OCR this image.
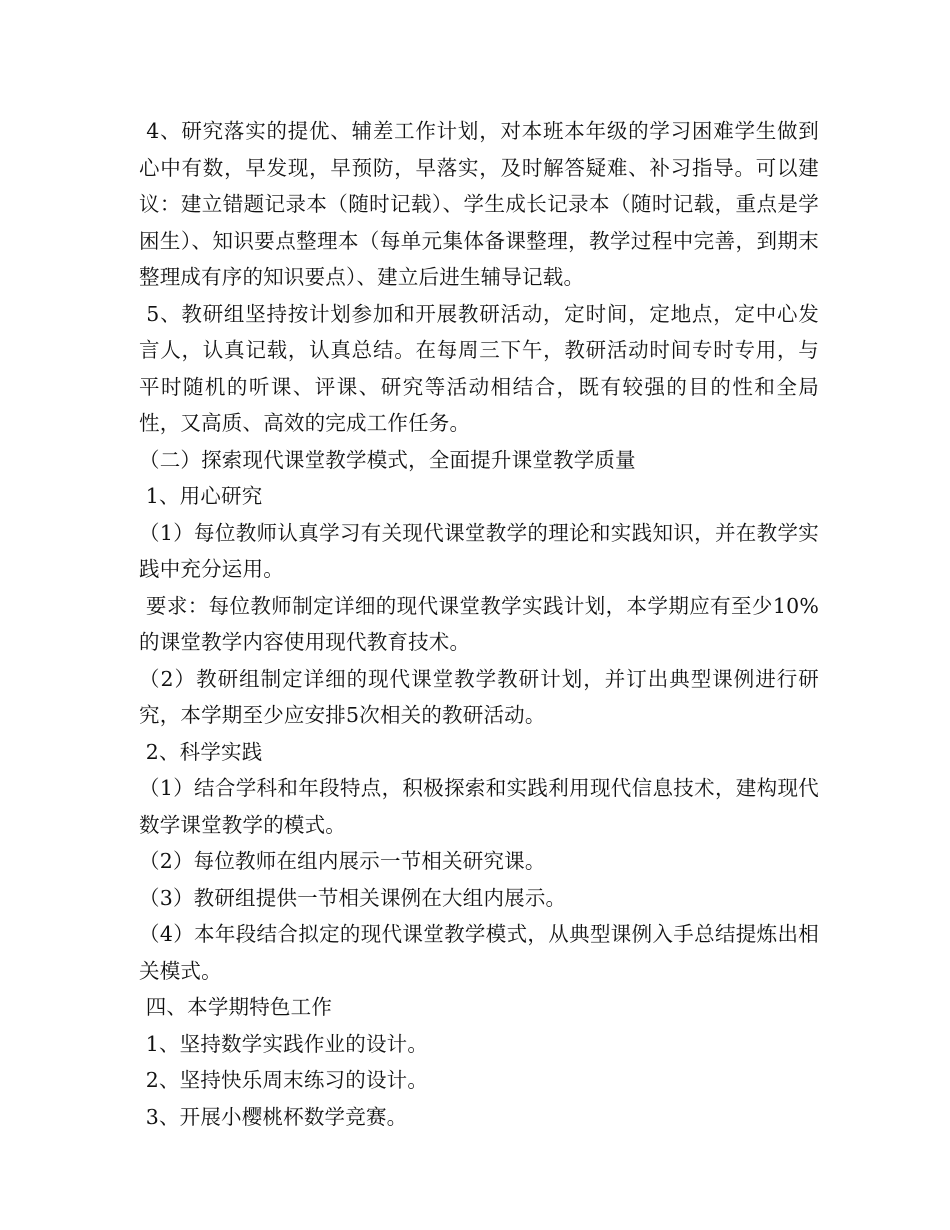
4、研究落实的提优、辅差工作计划，对本班本年级的学习困难学生做到心中有数，早发现，早预防，早落实，及时解答疑难、补习指导。可以建议：建立错题记录本（随时记载）、学生成长记录本（随时记载，重点是学困生）、知识要点整理本（每单元集体备课整理，教学过程中完善，到期末整理成有序的知识要点）、建立后进生辅导记载。

5、教研组坚持按计划参加和开展教研活动，定时间，定地点，定中心发言人，认真记载，认真总结。在每周三下午，教研活动时间专时专用，与平时随机的听课、评课、研究等活动相结合，既有较强的目的性和全局性，又高质、高效的完成工作任务。

（二）探索现代课堂教学模式，全面提升课堂教学质量

1、用心研究

（1）每位教师认真学习有关现代课堂教学的理论和实践知识，并在教学实践中充分运用。

要求：每位教师制定详细的现代课堂教学实践计划，本学期应有至少10%的课堂教学内容使用现代教育技术。

（2）教研组制定详细的现代课堂教学教研计划，并订出典型课例进行研究，本学期至少应安排5次相关的教研活动。

2、科学实践

（1）结合学科和年段特点，积极探索和实践利用现代信息技术，建构现代数学课堂教学的模式。

（2）每位教师在组内展示一节相关研究课。

（3）教研组提供一节相关课例在大组内展示。

（4）本年段结合拟定的现代课堂教学模式，从典型课例入手总结提炼出相关模式。

四、本学期特色工作

1、坚持数学实践作业的设计。

2、坚持快乐周末练习的设计。

3、开展小樱桃杯数学竞赛。
